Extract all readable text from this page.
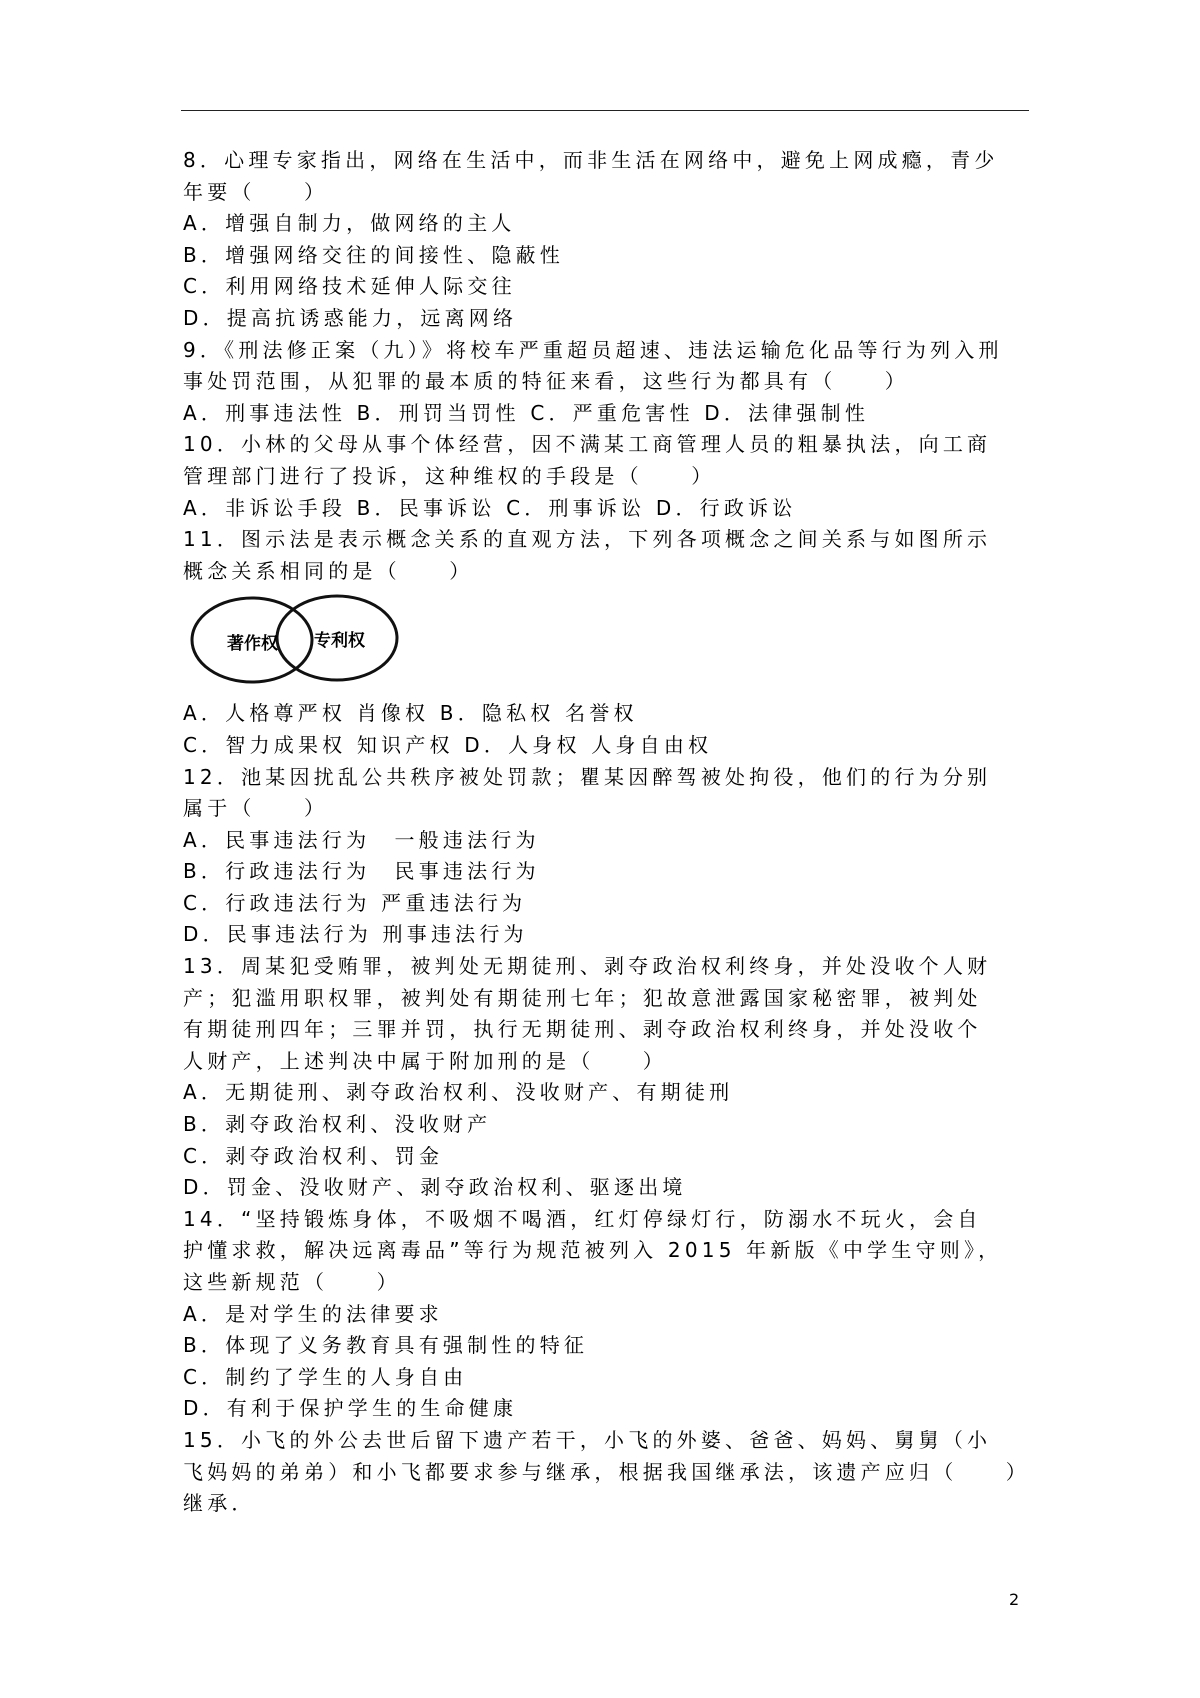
8．心理专家指出，网络在生活中，而非生活在网络中，避免上网成瘾，青少
年要（　　）
A．增强自制力，做网络的主人
B．增强网络交往的间接性、隐蔽性
C．利用网络技术延伸人际交往
D．提高抗诱惑能力，远离网络
9．《刑法修正案（九）》将校车严重超员超速、违法运输危化品等行为列入刑
事处罚范围，从犯罪的最本质的特征来看，这些行为都具有（　　）
A．刑事违法性 B．刑罚当罚性 C．严重危害性 D．法律强制性
10．小林的父母从事个体经营，因不满某工商管理人员的粗暴执法，向工商
管理部门进行了投诉，这种维权的手段是（　　）
A．非诉讼手段 B．民事诉讼 C．刑事诉讼 D．行政诉讼
11．图示法是表示概念关系的直观方法，下列各项概念之间关系与如图所示
概念关系相同的是（　　）
著作权 专利权
A．人格尊严权 肖像权 B．隐私权 名誉权
C．智力成果权 知识产权 D．人身权 人身自由权
12．池某因扰乱公共秩序被处罚款；瞿某因醉驾被处拘役，他们的行为分别
属于（　　）
A．民事违法行为　一般违法行为
B．行政违法行为　民事违法行为
C．行政违法行为 严重违法行为
D．民事违法行为 刑事违法行为
13．周某犯受贿罪，被判处无期徒刑、剥夺政治权利终身，并处没收个人财
产；犯滥用职权罪，被判处有期徒刑七年；犯故意泄露国家秘密罪，被判处
有期徒刑四年；三罪并罚，执行无期徒刑、剥夺政治权利终身，并处没收个
人财产，上述判决中属于附加刑的是（　　）
A．无期徒刑、剥夺政治权利、没收财产、有期徒刑
B．剥夺政治权利、没收财产
C．剥夺政治权利、罚金
D．罚金、没收财产、剥夺政治权利、驱逐出境
14．“坚持锻炼身体，不吸烟不喝酒，红灯停绿灯行，防溺水不玩火，会自
护懂求救，解决远离毒品”等行为规范被列入 2015 年新版《中学生守则》，
这些新规范（　　）
A．是对学生的法律要求
B．体现了义务教育具有强制性的特征
C．制约了学生的人身自由
D．有利于保护学生的生命健康
15．小飞的外公去世后留下遗产若干，小飞的外婆、爸爸、妈妈、舅舅（小
飞妈妈的弟弟）和小飞都要求参与继承，根据我国继承法，该遗产应归（　　）
继承．
2
